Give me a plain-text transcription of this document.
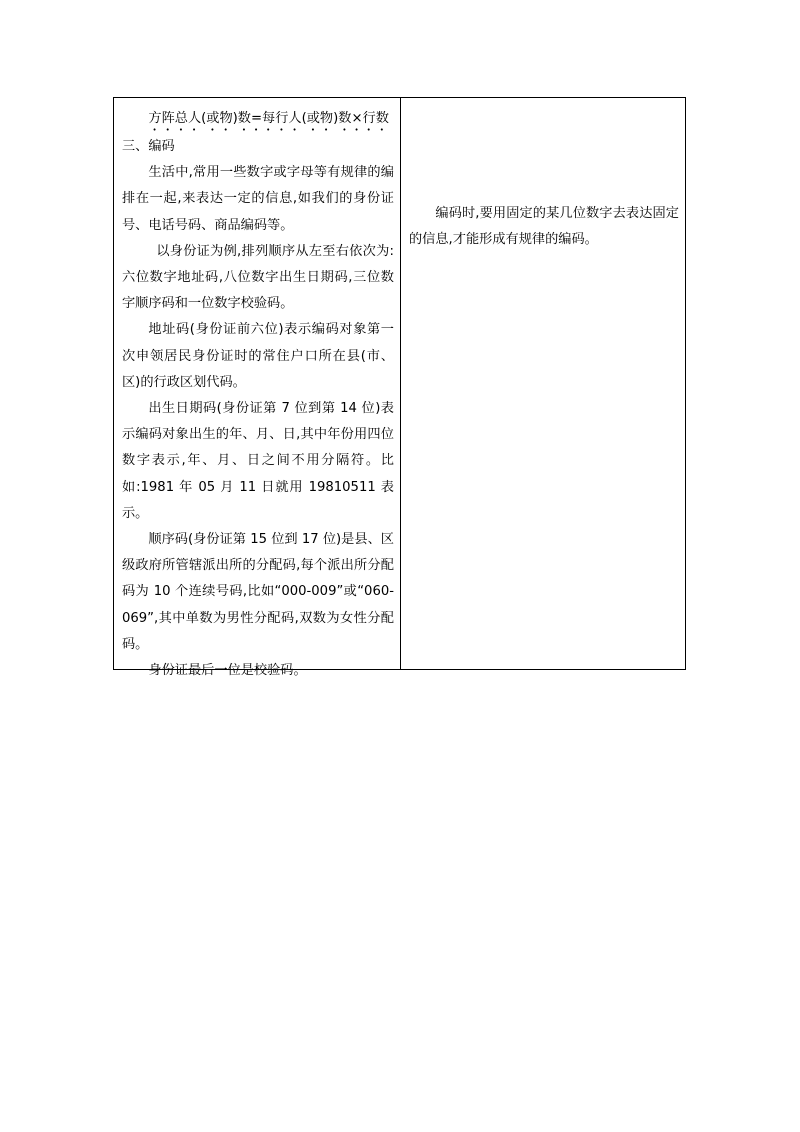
方阵总人(或物)数=每行人(或物)数×行数

三、编码

生活中,常用一些数字或字母等有规律的编排在一起,来表达一定的信息,如我们的身份证号、电话号码、商品编码等。

以身份证为例,排列顺序从左至右依次为:六位数字地址码,八位数字出生日期码,三位数字顺序码和一位数字校验码。

地址码(身份证前六位)表示编码对象第一次申领居民身份证时的常住户口所在县(市、区)的行政区划代码。

出生日期码(身份证第 7 位到第 14 位)表示编码对象出生的年、月、日,其中年份用四位数字表示,年、月、日之间不用分隔符。比如:1981 年 05 月 11 日就用 19810511 表示。

顺序码(身份证第 15 位到 17 位)是县、区级政府所管辖派出所的分配码,每个派出所分配码为 10 个连续号码,比如“000-009”或“060-069”,其中单数为男性分配码,双数为女性分配码。

身份证最后一位是校验码。

编码时,要用固定的某几位数字去表达固定的信息,才能形成有规律的编码。
